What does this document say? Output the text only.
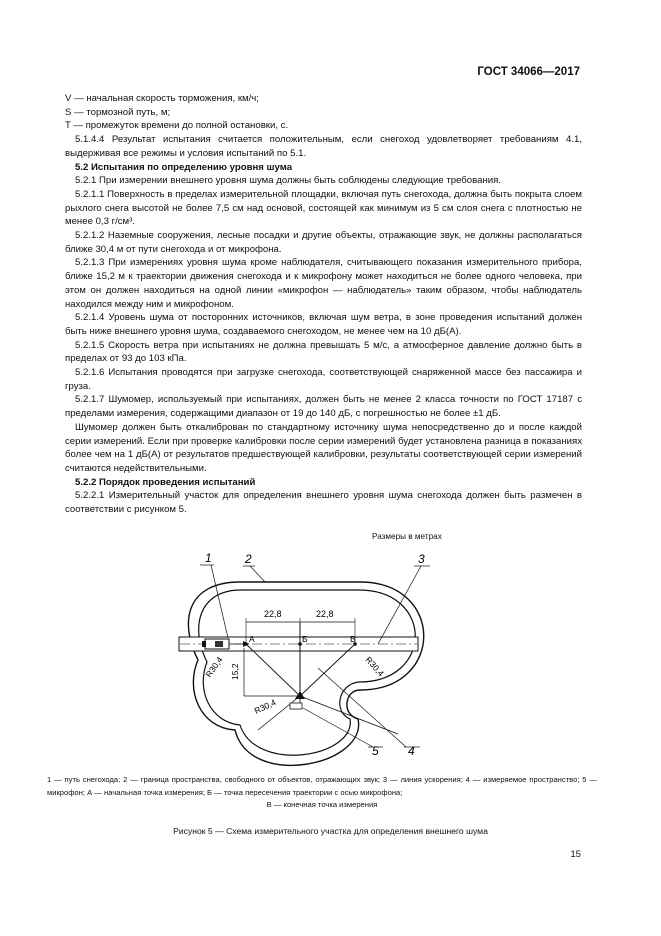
ГОСТ 34066—2017

V — начальная скорость торможения, км/ч;

S — тормозной путь, м;

T — промежуток времени до полной остановки, с.

5.1.4.4 Результат испытания считается положительным, если снегоход удовлетворяет требованиям 4.1, выдерживая все режимы и условия испытаний по 5.1.

5.2 Испытания по определению уровня шума

5.2.1 При измерении внешнего уровня шума должны быть соблюдены следующие требования.

5.2.1.1 Поверхность в пределах измерительной площадки, включая путь снегохода, должна быть покрыта слоем рыхлого снега высотой не более 7,5 см над основой, состоящей как минимум из 5 см слоя снега с плотностью не менее 0,3 г/см³.

5.2.1.2 Наземные сооружения, лесные посадки и другие объекты, отражающие звук, не должны располагаться ближе 30,4 м от пути снегохода и от микрофона.

5.2.1.3 При измерениях уровня шума кроме наблюдателя, считывающего показания измерительного прибора, ближе 15,2 м к траектории движения снегохода и к микрофону может находиться не более одного человека, при этом он должен находиться на одной линии «микрофон — наблюдатель» таким образом, чтобы наблюдатель находился между ним и микрофоном.

5.2.1.4 Уровень шума от посторонних источников, включая шум ветра, в зоне проведения испытаний должен быть ниже внешнего уровня шума, создаваемого снегоходом, не менее чем на 10 дБ(A).

5.2.1.5 Скорость ветра при испытаниях не должна превышать 5 м/с, а атмосферное давление должно быть в пределах от 93 до 103 кПа.

5.2.1.6 Испытания проводятся при загрузке снегохода, соответствующей снаряженной массе без пассажира и груза.

5.2.1.7 Шумомер, используемый при испытаниях, должен быть не менее 2 класса точности по ГОСТ 17187 с пределами измерения, содержащими диапазон от 19 до 140 дБ, с погрешностью не более ±1 дБ.

Шумомер должен быть откалиброван по стандартному источнику шума непосредственно до и после каждой серии измерений. Если при проверке калибровки после серии измерений будет установлена разница в показаниях более чем на 1 дБ(A) от результатов предшествующей калибровки, результаты соответствующей серии измерений считаются недействительными.

5.2.2 Порядок проведения испытаний

5.2.2.1 Измерительный участок для определения внешнего уровня шума снегохода должен быть размечен в соответствии с рисунком 5.

Размеры в метрах
22,8	22,8
15,2
R30,4	R30,4
R30,4
A	Б	B
1	2	3
4
5

1 — путь снегохода; 2 — граница пространства, свободного от объектов, отражающих звук; 3 — линия ускорения; 4 — измеряемое пространство; 5 — микрофон; А — начальная точка измерения; Б — точка пересечения траектории с осью микрофона;

В — конечная точка измерения

Рисунок 5 — Схема измерительного участка для определения внешнего шума
15
